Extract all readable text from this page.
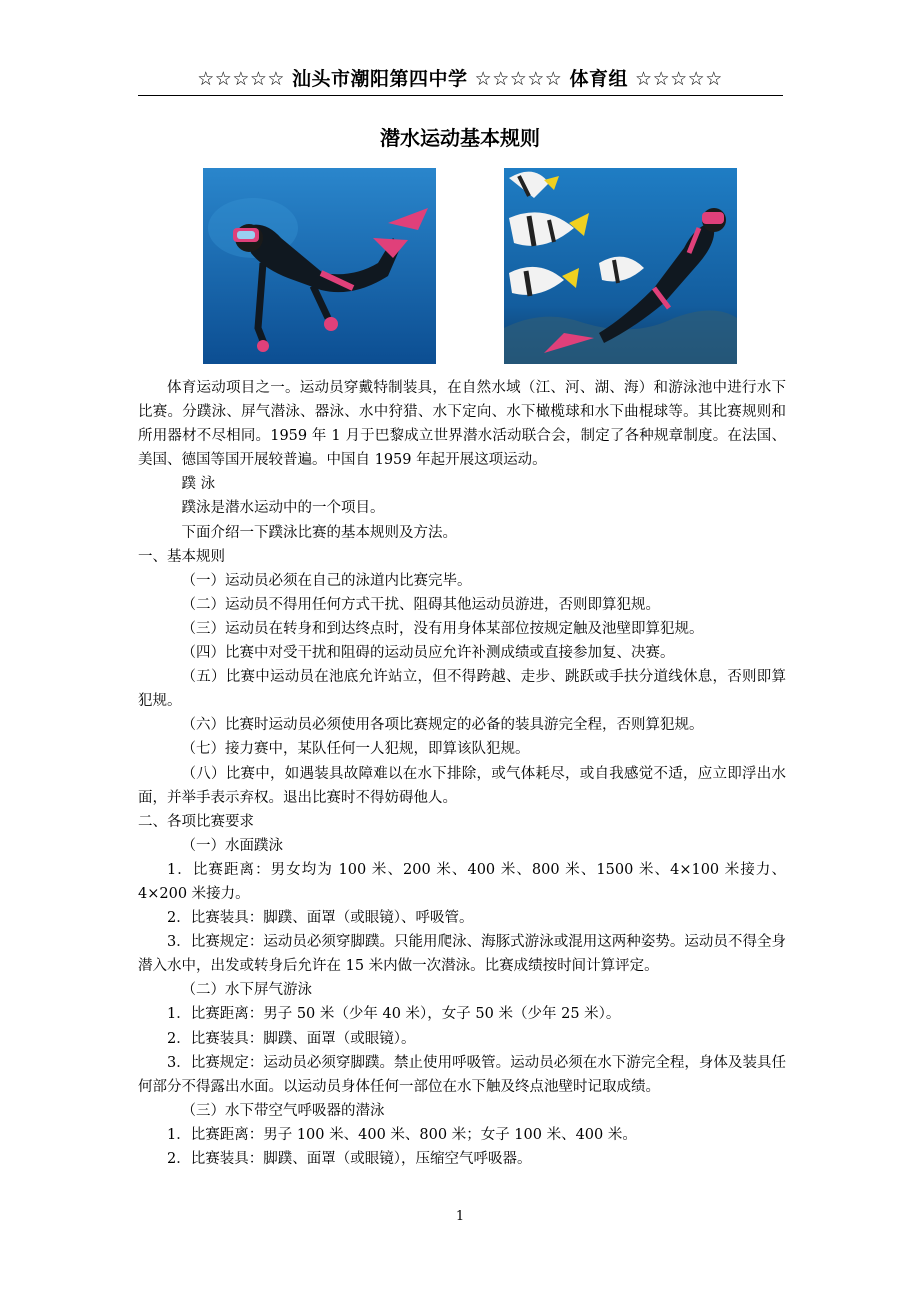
☆☆☆☆☆ 汕头市潮阳第四中学 ☆☆☆☆☆ 体育组 ☆☆☆☆☆
潜水运动基本规则

体育运动项目之一。运动员穿戴特制装具，在自然水域（江、河、湖、海）和游泳池中进行水下比赛。分蹼泳、屏气潜泳、器泳、水中狩猎、水下定向、水下橄榄球和水下曲棍球等。其比赛规则和所用器材不尽相同。1959 年 1 月于巴黎成立世界潜水活动联合会，制定了各种规章制度。在法国、美国、德国等国开展较普遍。中国自 1959 年起开展这项运动。

蹼 泳

蹼泳是潜水运动中的一个项目。

下面介绍一下蹼泳比赛的基本规则及方法。

一、基本规则

（一）运动员必须在自己的泳道内比赛完毕。

（二）运动员不得用任何方式干扰、阻碍其他运动员游进，否则即算犯规。

（三）运动员在转身和到达终点时，没有用身体某部位按规定触及池壁即算犯规。

（四）比赛中对受干扰和阻碍的运动员应允许补测成绩或直接参加复、决赛。

（五）比赛中运动员在池底允许站立，但不得跨越、走步、跳跃或手扶分道线休息，否则即算犯规。

（六）比赛时运动员必须使用各项比赛规定的必备的装具游完全程，否则算犯规。

（七）接力赛中，某队任何一人犯规，即算该队犯规。

（八）比赛中，如遇装具故障难以在水下排除，或气体耗尽，或自我感觉不适，应立即浮出水面，并举手表示弃权。退出比赛时不得妨碍他人。

二、各项比赛要求

（一）水面蹼泳

1．比赛距离：男女均为 100 米、200 米、400 米、800 米、1500 米、4×100 米接力、4×200 米接力。

2．比赛装具：脚蹼、面罩（或眼镜）、呼吸管。

3．比赛规定：运动员必须穿脚蹼。只能用爬泳、海豚式游泳或混用这两种姿势。运动员不得全身潜入水中，出发或转身后允许在 15 米内做一次潜泳。比赛成绩按时间计算评定。

（二）水下屏气游泳

1．比赛距离：男子 50 米（少年 40 米），女子 50 米（少年 25 米）。

2．比赛装具：脚蹼、面罩（或眼镜）。

3．比赛规定：运动员必须穿脚蹼。禁止使用呼吸管。运动员必须在水下游完全程，身体及装具任何部分不得露出水面。以运动员身体任何一部位在水下触及终点池壁时记取成绩。

（三）水下带空气呼吸器的潜泳

1．比赛距离：男子 100 米、400 米、800 米；女子 100 米、400 米。

2．比赛装具：脚蹼、面罩（或眼镜），压缩空气呼吸器。

1
